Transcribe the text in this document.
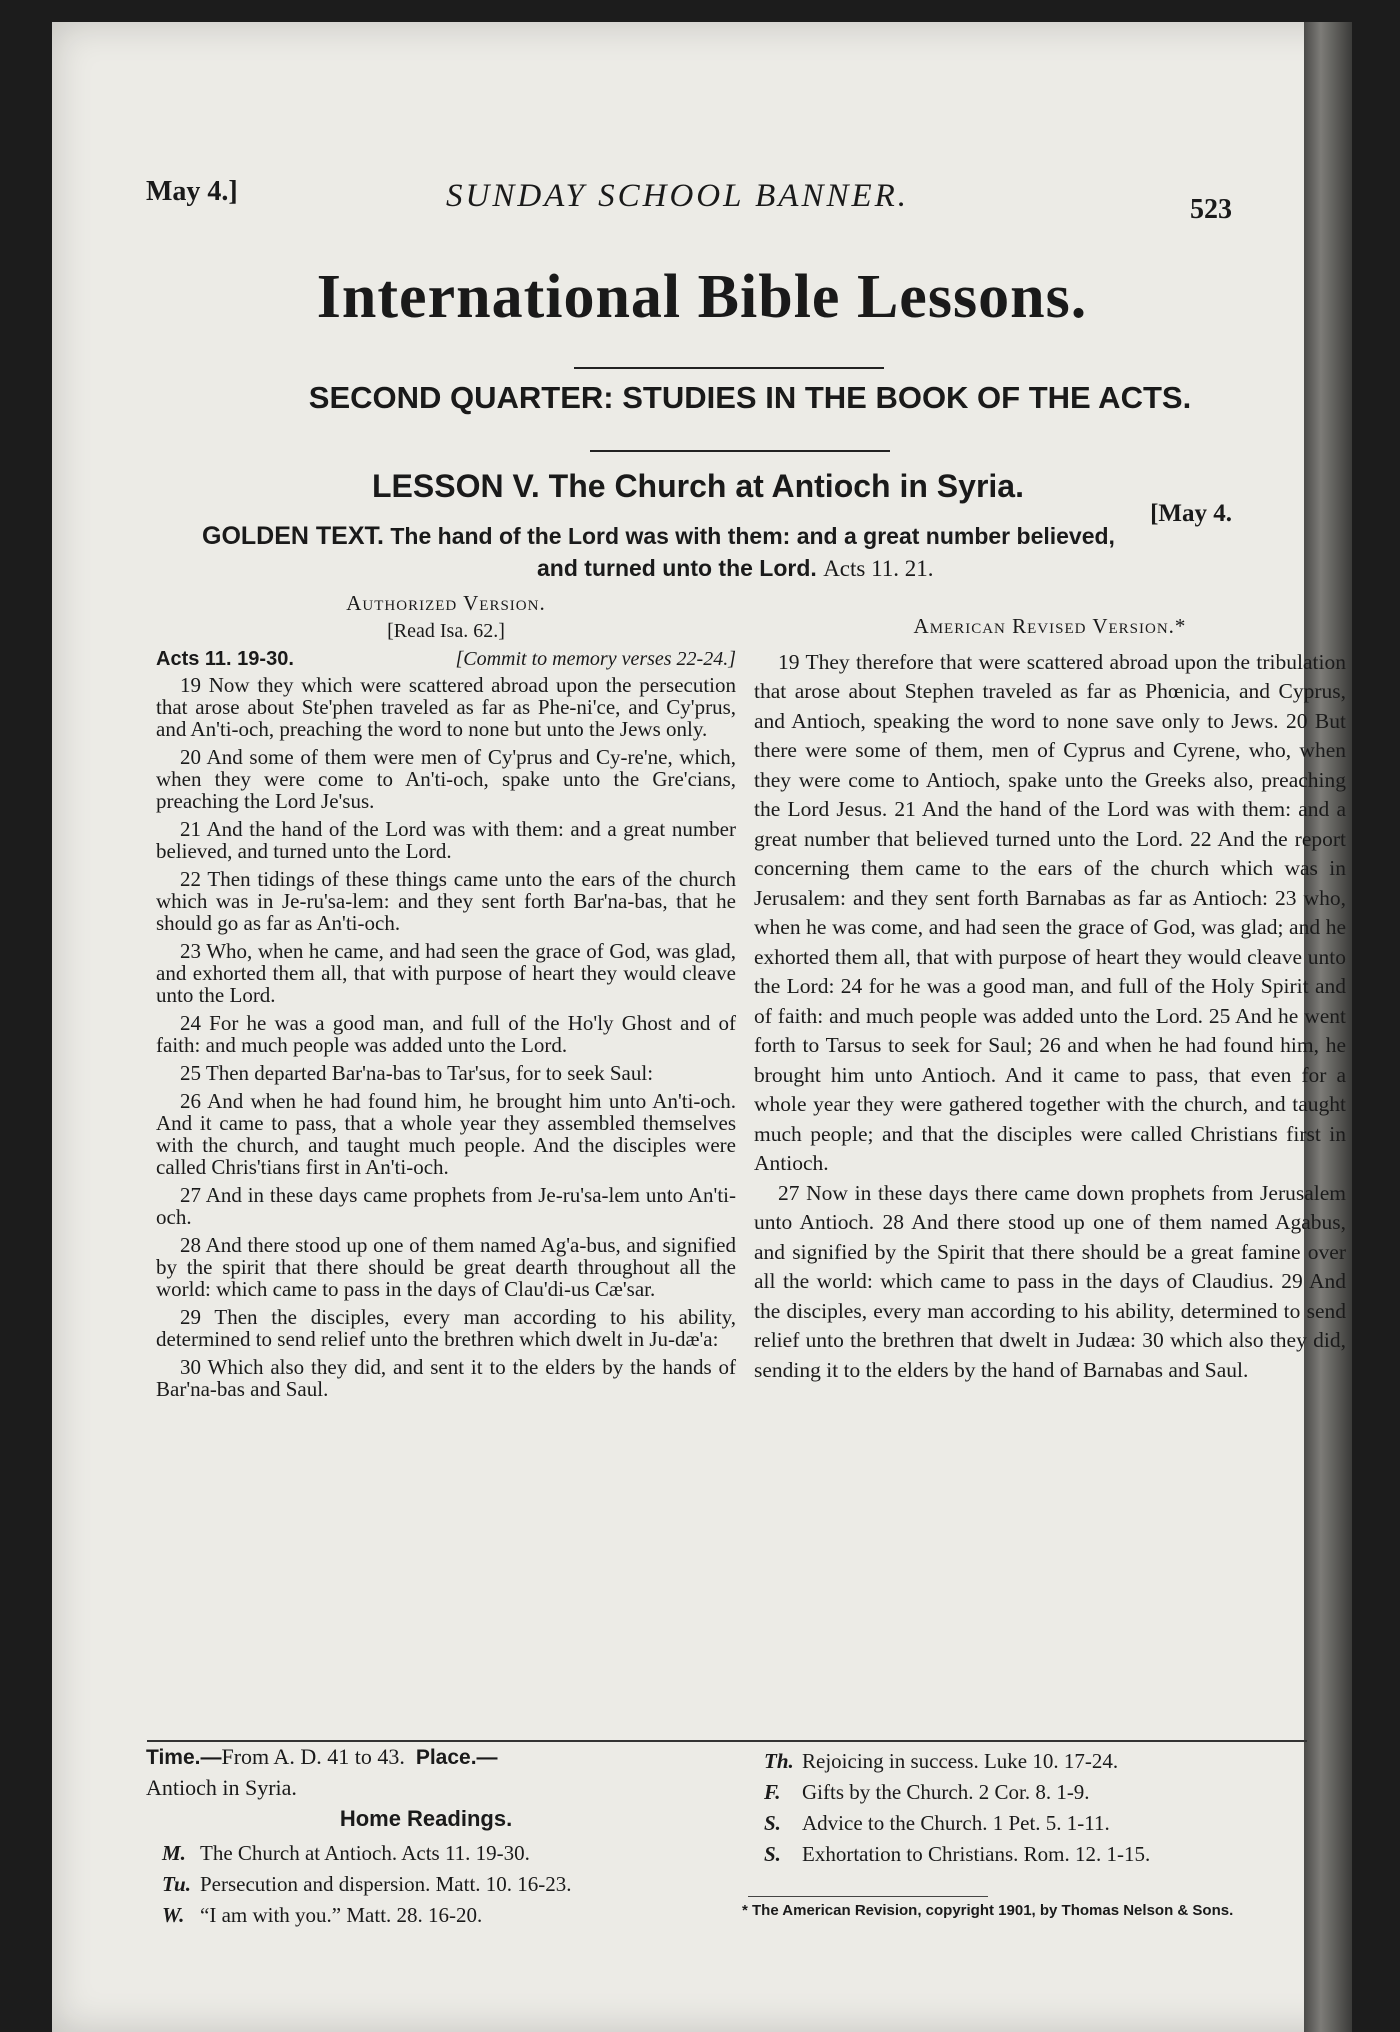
May 4.]	SUNDAY SCHOOL BANNER.	523
International Bible Lessons.
SECOND QUARTER: STUDIES IN THE BOOK OF THE ACTS.
LESSON V. The Church at Antioch in Syria.
[May 4.
GOLDEN TEXT. The hand of the Lord was with them: and a great number believed,
and turned unto the Lord. Acts 11. 21.
Authorized Version.
[Read Isa. 62.]
Acts 11. 19-30.	[Commit to memory verses 22-24.]

19 Now they which were scattered abroad upon the persecution that arose about Ste'phen traveled as far as Phe-ni'ce, and Cy'prus, and An'ti-och, preaching the word to none but unto the Jews only.

20 And some of them were men of Cy'prus and Cy-re'ne, which, when they were come to An'ti-och, spake unto the Gre'cians, preaching the Lord Je'sus.

21 And the hand of the Lord was with them: and a great number believed, and turned unto the Lord.

22 Then tidings of these things came unto the ears of the church which was in Je-ru'sa-lem: and they sent forth Bar'na-bas, that he should go as far as An'ti-och.

23 Who, when he came, and had seen the grace of God, was glad, and exhorted them all, that with purpose of heart they would cleave unto the Lord.

24 For he was a good man, and full of the Ho'ly Ghost and of faith: and much people was added unto the Lord.

25 Then departed Bar'na-bas to Tar'sus, for to seek Saul:

26 And when he had found him, he brought him unto An'ti-och. And it came to pass, that a whole year they assembled themselves with the church, and taught much people. And the disciples were called Chris'tians first in An'ti-och.

27 And in these days came prophets from Je-ru'sa-lem unto An'ti-och.

28 And there stood up one of them named Ag'a-bus, and signified by the spirit that there should be great dearth throughout all the world: which came to pass in the days of Clau'di-us Cæ'sar.

29 Then the disciples, every man according to his ability, determined to send relief unto the brethren which dwelt in Ju-dæ'a:

30 Which also they did, and sent it to the elders by the hands of Bar'na-bas and Saul.

American Revised Version.*

19 They therefore that were scattered abroad upon the tribulation that arose about Stephen traveled as far as Phœnicia, and Cyprus, and Antioch, speaking the word to none save only to Jews. 20 But there were some of them, men of Cyprus and Cyrene, who, when they were come to Antioch, spake unto the Greeks also, preaching the Lord Jesus. 21 And the hand of the Lord was with them: and a great number that believed turned unto the Lord. 22 And the report concerning them came to the ears of the church which was in Jerusalem: and they sent forth Barnabas as far as Antioch: 23 who, when he was come, and had seen the grace of God, was glad; and he exhorted them all, that with purpose of heart they would cleave unto the Lord: 24 for he was a good man, and full of the Holy Spirit and of faith: and much people was added unto the Lord. 25 And he went forth to Tarsus to seek for Saul; 26 and when he had found him, he brought him unto Antioch. And it came to pass, that even for a whole year they were gathered together with the church, and taught much people; and that the disciples were called Christians first in Antioch.

27 Now in these days there came down prophets from Jerusalem unto Antioch. 28 And there stood up one of them named Agabus, and signified by the Spirit that there should be a great famine over all the world: which came to pass in the days of Claudius. 29 And the disciples, every man according to his ability, determined to send relief unto the brethren that dwelt in Judæa: 30 which also they did, sending it to the elders by the hand of Barnabas and Saul.

Time.—From A. D. 41 to 43. Place.—
Antioch in Syria.
Home Readings.
M. The Church at Antioch. Acts 11. 19-30.
Tu. Persecution and dispersion. Matt. 10. 16-23.
W. “I am with you.” Matt. 28. 16-20.
Th. Rejoicing in success. Luke 10. 17-24.
F.	Gifts by the Church. 2 Cor. 8. 1-9.
S.	Advice to the Church. 1 Pet. 5. 1-11.
S.	Exhortation to Christians. Rom. 12. 1-15.
* The American Revision, copyright 1901, by Thomas Nelson & Sons.
